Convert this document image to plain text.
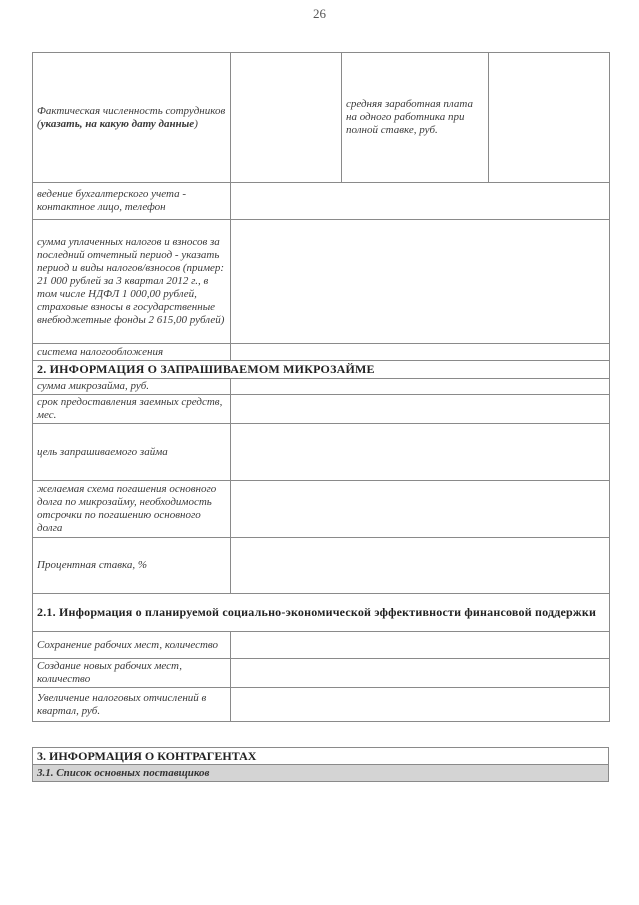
26
Фактическая численность сотрудников (указать, на какую дату данные)		средняя заработная плата на одного работника при полной ставке, руб.	
ведение бухгалтерского учета - контактное лицо, телефон			
сумма уплаченных налогов и взносов за последний отчетный период - указать период и виды налогов/взносов (пример: 21 000 рублей за 3 квартал 2012 г., в том числе НДФЛ 1 000,00 рублей, страховые взносы в государственные внебюджетные фонды 2 615,00 рублей)			
система налогообложения			
2. ИНФОРМАЦИЯ О ЗАПРАШИВАЕМОМ МИКРОЗАЙМЕ			
сумма микрозайма, руб.			
срок предоставления заемных средств, мес.			
цель запрашиваемого займа			
желаемая схема погашения основного долга по микрозайму, необходимость отсрочки по погашению основного долга			
Процентная ставка, %			
2.1. Информация о планируемой социально-экономической эффективности финансовой поддержки			
Сохранение рабочих мест, количество			
Создание новых рабочих мест, количество			
Увеличение налоговых отчислений в квартал, руб.			
3. ИНФОРМАЦИЯ О КОНТРАГЕНТАХ
3.1. Список основных поставщиков
